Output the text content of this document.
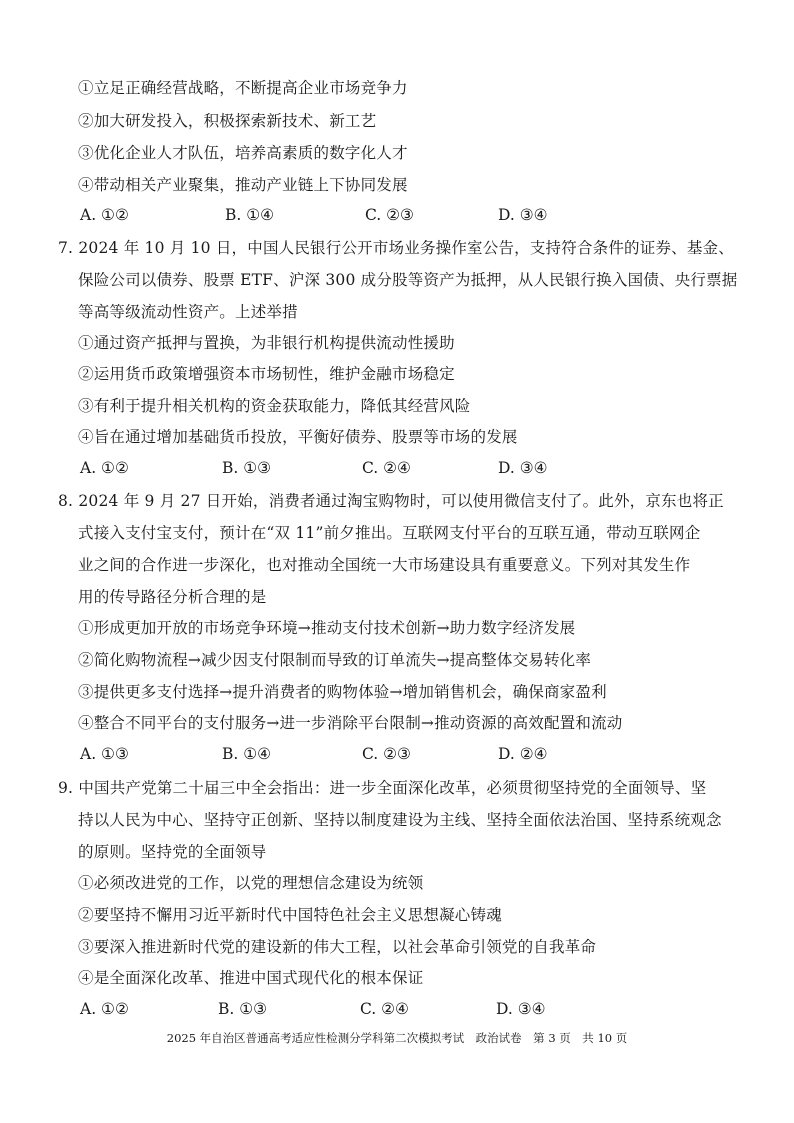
①立足正确经营战略，不断提高企业市场竞争力
②加大研发投入，积极探索新技术、新工艺
③优化企业人才队伍，培养高素质的数字化人才
④带动相关产业聚集，推动产业链上下协同发展
A. ①②	B. ①④	C. ②③	D. ③④
7. 2024 年 10 月 10 日，中国人民银行公开市场业务操作室公告，支持符合条件的证券、基金、
保险公司以债券、股票 ETF、沪深 300 成分股等资产为抵押，从人民银行换入国债、央行票据
等高等级流动性资产。上述举措
①通过资产抵押与置换，为非银行机构提供流动性援助
②运用货币政策增强资本市场韧性，维护金融市场稳定
③有利于提升相关机构的资金获取能力，降低其经营风险
④旨在通过增加基础货币投放，平衡好债券、股票等市场的发展
A. ①②	B. ①③	C. ②④	D. ③④
8. 2024 年 9 月 27 日开始，消费者通过淘宝购物时，可以使用微信支付了。此外，京东也将正
式接入支付宝支付，预计在“双 11”前夕推出。互联网支付平台的互联互通，带动互联网企
业之间的合作进一步深化，也对推动全国统一大市场建设具有重要意义。下列对其发生作
用的传导路径分析合理的是
①形成更加开放的市场竞争环境→推动支付技术创新→助力数字经济发展
②简化购物流程→减少因支付限制而导致的订单流失→提高整体交易转化率
③提供更多支付选择→提升消费者的购物体验→增加销售机会，确保商家盈利
④整合不同平台的支付服务→进一步消除平台限制→推动资源的高效配置和流动
A. ①③	B. ①④	C. ②③	D. ②④
9. 中国共产党第二十届三中全会指出：进一步全面深化改革，必须贯彻坚持党的全面领导、坚
持以人民为中心、坚持守正创新、坚持以制度建设为主线、坚持全面依法治国、坚持系统观念
的原则。坚持党的全面领导
①必须改进党的工作，以党的理想信念建设为统领
②要坚持不懈用习近平新时代中国特色社会主义思想凝心铸魂
③要深入推进新时代党的建设新的伟大工程，以社会革命引领党的自我革命
④是全面深化改革、推进中国式现代化的根本保证
A. ①②	B. ①③	C. ②④	D. ③④
2025 年自治区普通高考适应性检测分学科第二次模拟考试　政治试卷　第 3 页　共 10 页
